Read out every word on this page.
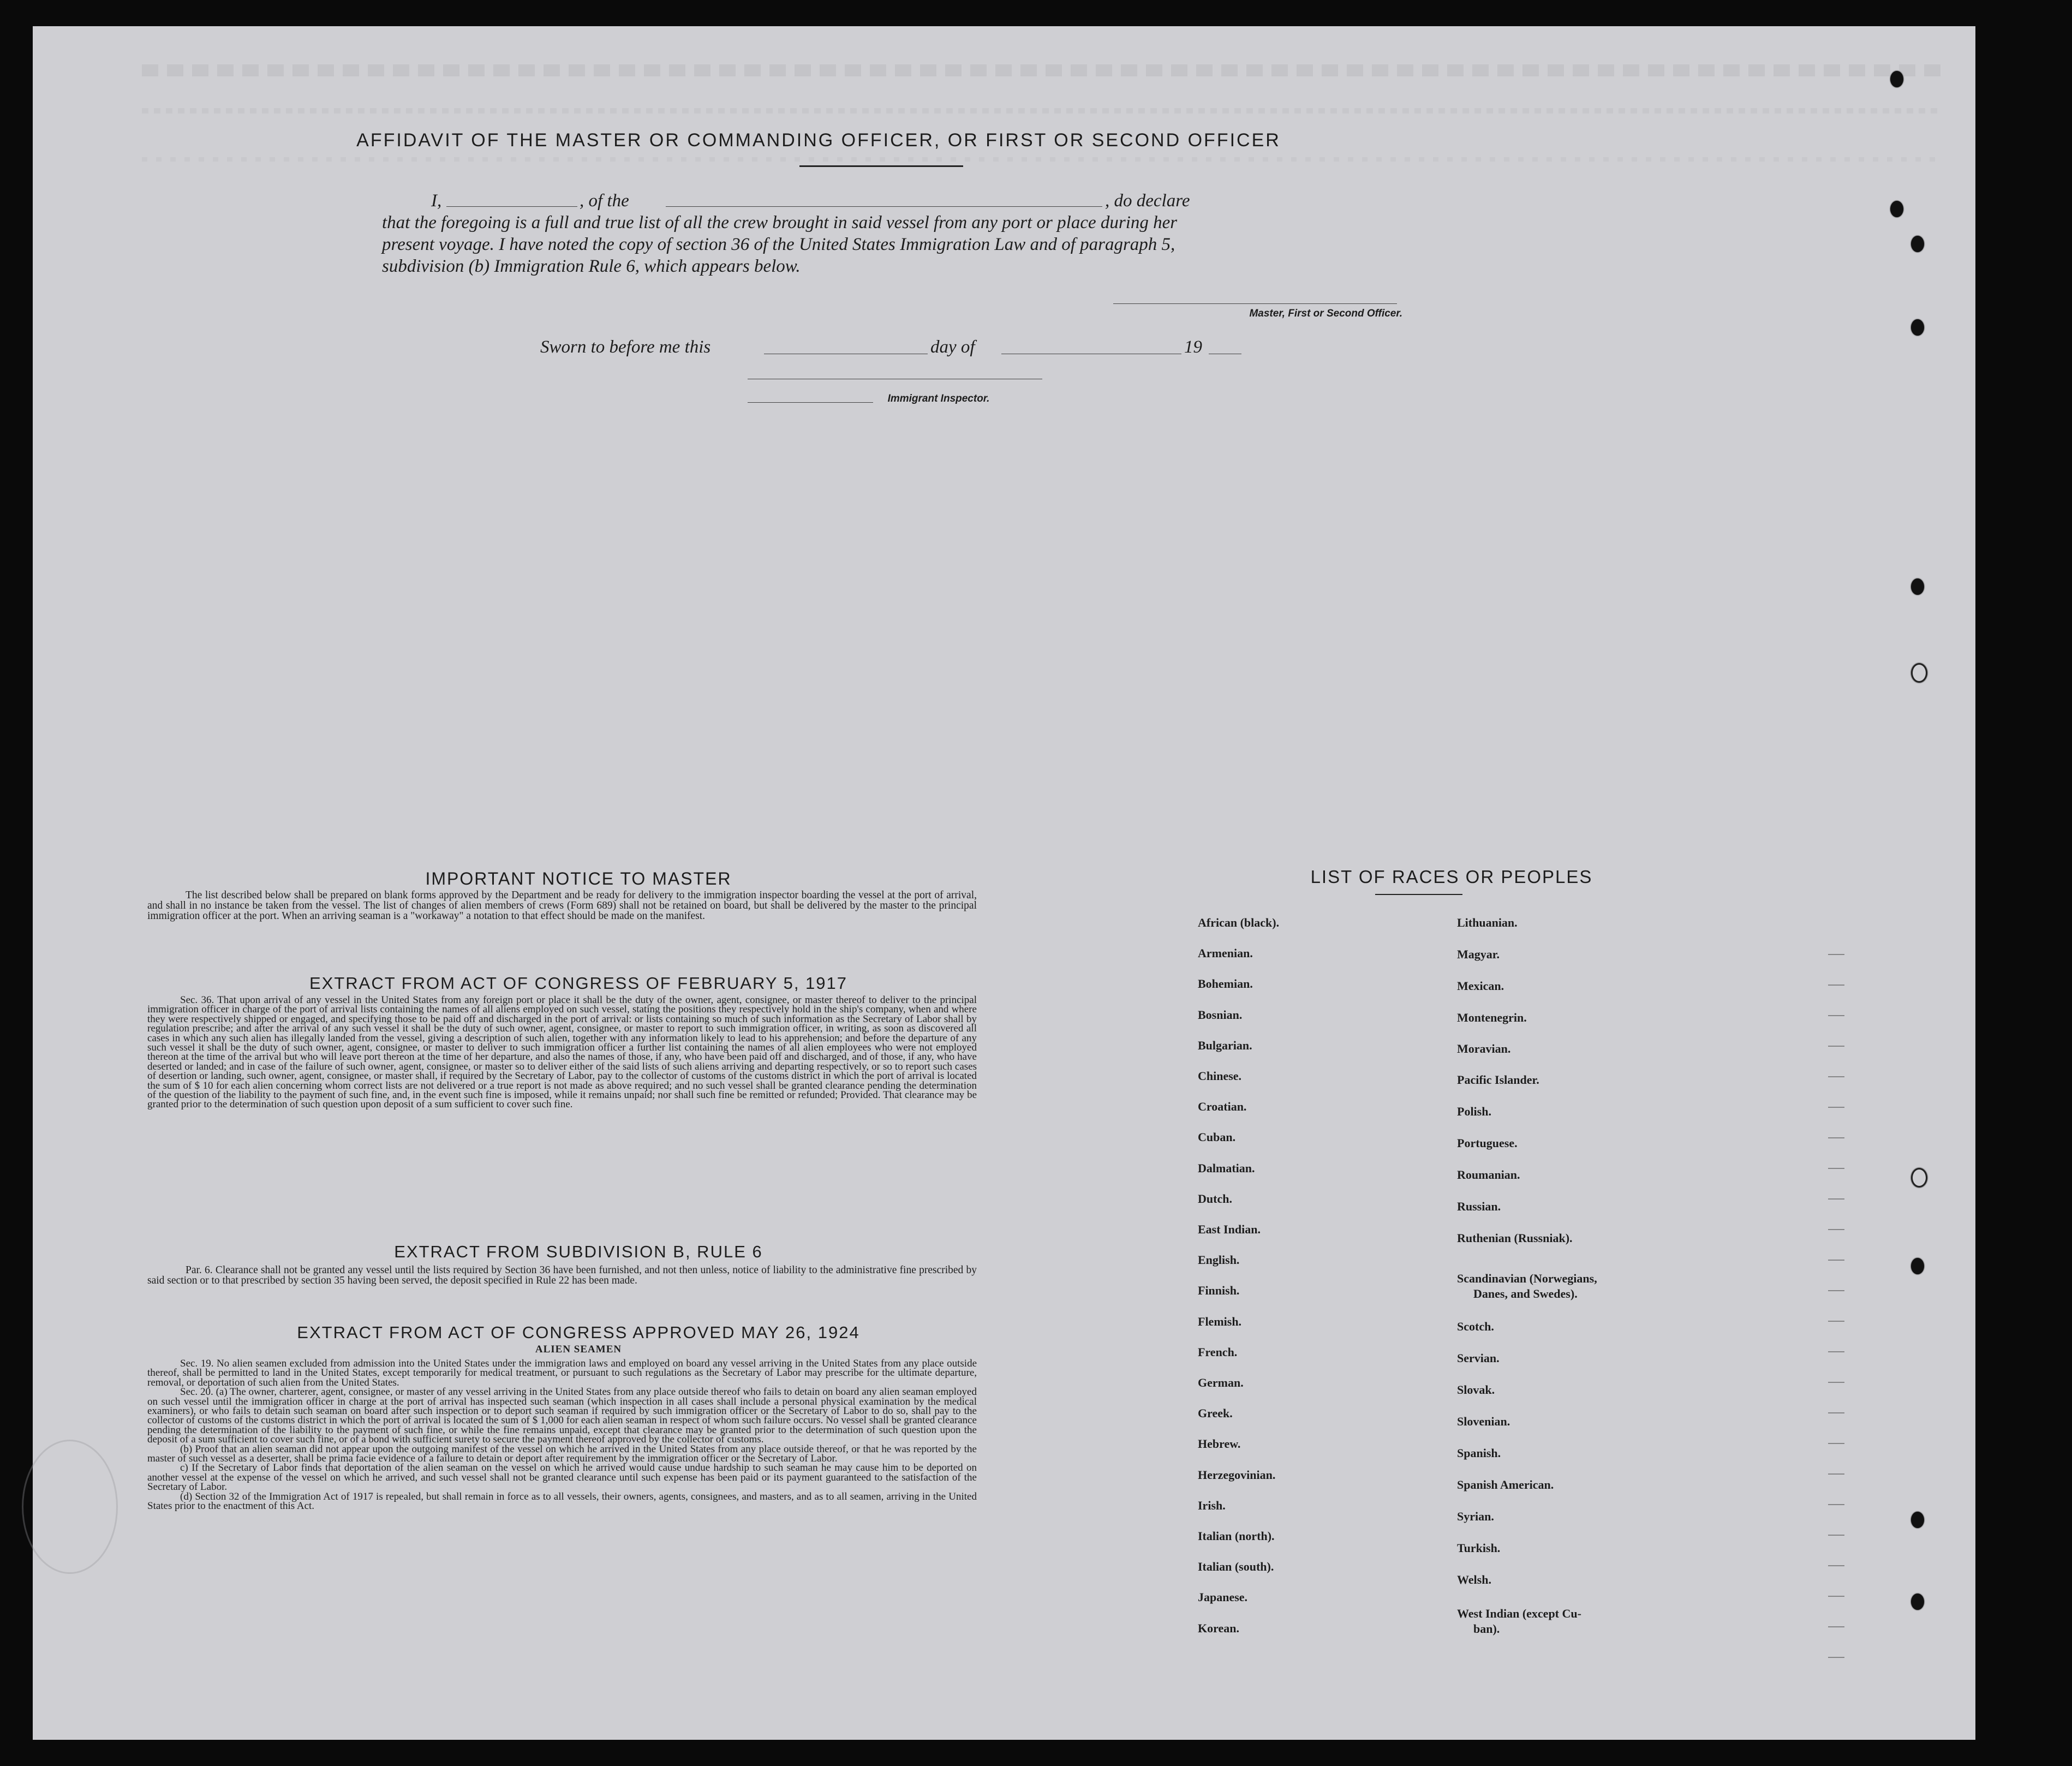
AFFIDAVIT OF THE MASTER OR COMMANDING OFFICER, OR FIRST OR SECOND OFFICER
I,	, of the	, do declare
that the foregoing is a full and true list of all the crew brought in said vessel from any port or place during her
present voyage. I have noted the copy of section 36 of the United States Immigration Law and of paragraph 5,
subdivision (b) Immigration Rule 6, which appears below.
Master, First or Second Officer.
Sworn to before me this	day of	19
Immigrant Inspector.
IMPORTANT NOTICE TO MASTER
The list described below shall be prepared on blank forms approved by the Department and be ready for delivery to the immigration inspector boarding the vessel at the port of arrival, and shall in no instance be taken from the vessel. The list of changes of alien members of crews (Form 689) shall not be retained on board, but shall be delivered by the master to the principal immigration officer at the port. When an arriving seaman is a "workaway" a notation to that effect should be made on the manifest.
EXTRACT FROM ACT OF CONGRESS OF FEBRUARY 5, 1917
Sec. 36. That upon arrival of any vessel in the United States from any foreign port or place it shall be the duty of the owner, agent, consignee, or master thereof to deliver to the principal immigration officer in charge of the port of arrival lists containing the names of all aliens employed on such vessel, stating the positions they respectively hold in the ship's company, when and where they were respectively shipped or engaged, and specifying those to be paid off and discharged in the port of arrival: or lists containing so much of such information as the Secretary of Labor shall by regulation prescribe; and after the arrival of any such vessel it shall be the duty of such owner, agent, consignee, or master to report to such immigration officer, in writing, as soon as discovered all cases in which any such alien has illegally landed from the vessel, giving a description of such alien, together with any information likely to lead to his apprehension; and before the departure of any such vessel it shall be the duty of such owner, agent, consignee, or master to deliver to such immigration officer a further list containing the names of all alien employees who were not employed thereon at the time of the arrival but who will leave port thereon at the time of her departure, and also the names of those, if any, who have been paid off and discharged, and of those, if any, who have deserted or landed; and in case of the failure of such owner, agent, consignee, or master so to deliver either of the said lists of such aliens arriving and departing respectively, or so to report such cases of desertion or landing, such owner, agent, consignee, or master shall, if required by the Secretary of Labor, pay to the collector of customs of the customs district in which the port of arrival is located the sum of $ 10 for each alien concerning whom correct lists are not delivered or a true report is not made as above required; and no such vessel shall be granted clearance pending the determination of the question of the liability to the payment of such fine, and, in the event such fine is imposed, while it remains unpaid; nor shall such fine be remitted or refunded; Provided. That clearance may be granted prior to the determination of such question upon deposit of a sum sufficient to cover such fine.
EXTRACT FROM SUBDIVISION B, RULE 6
Par. 6. Clearance shall not be granted any vessel until the lists required by Section 36 have been furnished, and not then unless, notice of liability to the administrative fine prescribed by said section or to that prescribed by section 35 having been served, the deposit specified in Rule 22 has been made.
EXTRACT FROM ACT OF CONGRESS APPROVED MAY 26, 1924
ALIEN SEAMEN
Sec. 19. No alien seamen excluded from admission into the United States under the immigration laws and employed on board any vessel arriving in the United States from any place outside thereof, shall be permitted to land in the United States, except temporarily for medical treatment, or pursuant to such regulations as the Secretary of Labor may prescribe for the ultimate departure, removal, or deportation of such alien from the United States.
Sec. 20. (a) The owner, charterer, agent, consignee, or master of any vessel arriving in the United States from any place outside thereof who fails to detain on board any alien seaman employed on such vessel until the immigration officer in charge at the port of arrival has inspected such seaman (which inspection in all cases shall include a personal physical examination by the medical examiners), or who fails to detain such seaman on board after such inspection or to deport such seaman if required by such immigration officer or the Secretary of Labor to do so, shall pay to the collector of customs of the customs district in which the port of arrival is located the sum of $ 1,000 for each alien seaman in respect of whom such failure occurs. No vessel shall be granted clearance pending the determination of the liability to the payment of such fine, or while the fine remains unpaid, except that clearance may be granted prior to the determination of such question upon the deposit of a sum sufficient to cover such fine, or of a bond with sufficient surety to secure the payment thereof approved by the collector of customs.
(b) Proof that an alien seaman did not appear upon the outgoing manifest of the vessel on which he arrived in the United States from any place outside thereof, or that he was reported by the master of such vessel as a deserter, shall be prima facie evidence of a failure to detain or deport after requirement by the immigration officer or the Secretary of Labor.
c) If the Secretary of Labor finds that deportation of the alien seaman on the vessel on which he arrived would cause undue hardship to such seaman he may cause him to be deported on another vessel at the expense of the vessel on which he arrived, and such vessel shall not be granted clearance until such expense has been paid or its payment guaranteed to the satisfaction of the Secretary of Labor.
(d) Section 32 of the Immigration Act of 1917 is repealed, but shall remain in force as to all vessels, their owners, agents, consignees, and masters, and as to all seamen, arriving in the United States prior to the enactment of this Act.
LIST OF RACES OR PEOPLES
African (black).
Armenian.
Bohemian.
Bosnian.
Bulgarian.
Chinese.
Croatian.
Cuban.
Dalmatian.
Dutch.
East Indian.
English.
Finnish.
Flemish.
French.
German.
Greek.
Hebrew.
Herzegovinian.
Irish.
Italian (north).
Italian (south).
Japanese.
Korean.
Lithuanian.
Magyar.
Mexican.
Montenegrin.
Moravian.
Pacific Islander.
Polish.
Portuguese.
Roumanian.
Russian.
Ruthenian (Russniak).
Scandinavian (Norwegians,
Danes, and Swedes).
Scotch.
Servian.
Slovak.
Slovenian.
Spanish.
Spanish American.
Syrian.
Turkish.
Welsh.
West Indian (except Cu-
ban).
